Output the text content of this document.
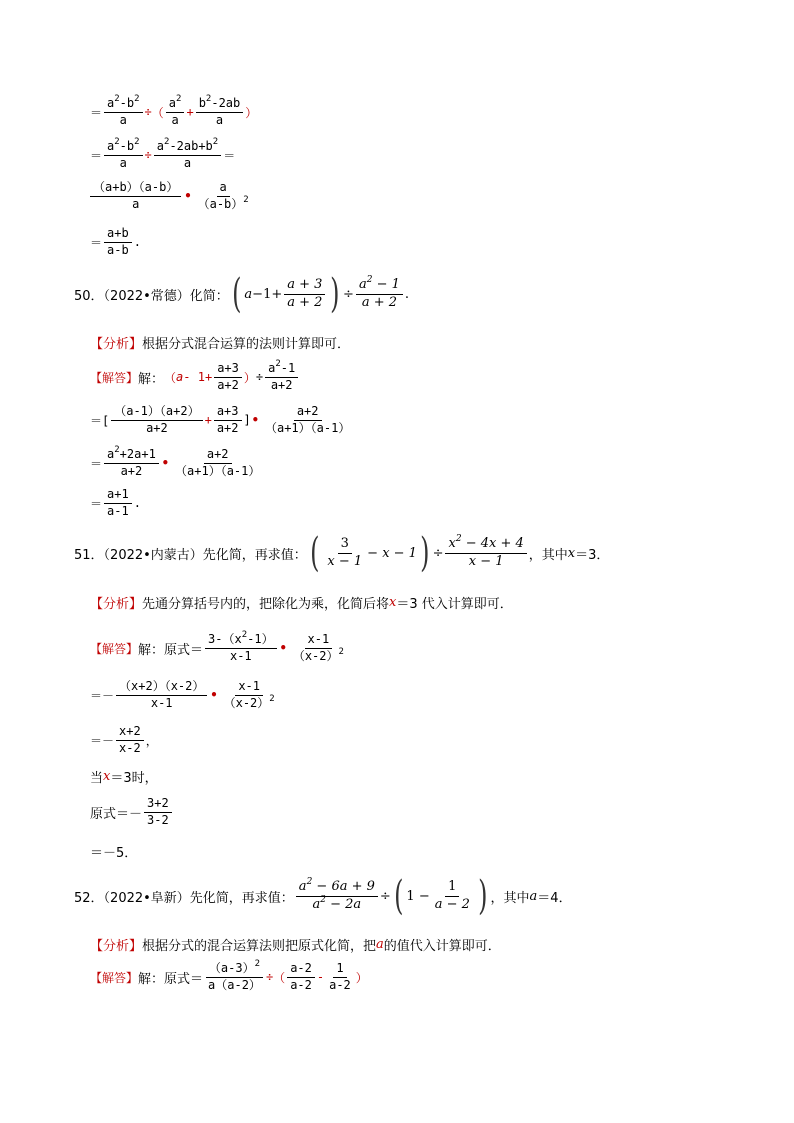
＝ $\frac{a^2-b^2}{a}$ ÷ （ $\frac{a^2}{a} + \frac{b^2-2ab}{a}$ ）
＝ $\frac{a^2-b^2}{a} \div \frac{a^2-2ab+b^2}{a}$ ＝
$\frac{(a+b)(a-b)}{a}$ • $\frac{a}{(a-b)^2}$
＝ $\frac{a+b}{a-b}$ .
50．（2022•常德）化简： ( $a -1+ \frac{a + 3}{a + 2}$ ) ÷ $\frac{a^2 - 1}{a + 2}$ .
【分析】 根据分式混合运算的法则计算即可．
【解答】 解： （ $a - 1+ \frac{a+3}{a+2}$ ） ÷ $\frac{a^2-1}{a+2}$
＝[ $\frac{(a-1)(a+2)}{a+2} + \frac{a+3}{a+2}$ ] • $\frac{a+2}{(a+1)(a-1)}$
＝ $\frac{a^2+2a+1}{a+2}$ • $\frac{a+2}{(a+1)(a-1)}$
＝ $\frac{a+1}{a-1}$ .
51．（2022•内蒙古）先化简，再求值： ( $\frac{3}{x - 1} - x - 1$ ) ÷ $\frac{x^2 - 4x + 4}{x - 1}$ ，其中 x ＝3．
【分析】 先通分算括号内的，把除化为乘，化简后将 x ＝3 代入计算即可．
【解答】 解：原式＝ $\frac{3-(x^2-1)}{x-1}$ • $\frac{x-1}{(x-2)^2}$
＝－ $\frac{(x+2)(x-2)}{x-1}$ • $\frac{x-1}{(x-2)^2}$
＝－ $\frac{x+2}{x-2}$ ，
当 x ＝3时，
原式＝－ $\frac{3+2}{3-2}$
＝－5．
52．（2022•阜新）先化简，再求值： $\frac{a^2 - 6a + 9}{a^2 - 2a}$ ÷ ( $1 - \frac{1}{a - 2}$ ) ，其中 a ＝4．
【分析】 根据分式的混合运算法则把原式化简，把 a 的值代入计算即可．
【解答】 解：原式＝ $\frac{(a-3)^2}{a(a-2)}$ ÷ （ $\frac{a-2}{a-2} - \frac{1}{a-2}$ ）
